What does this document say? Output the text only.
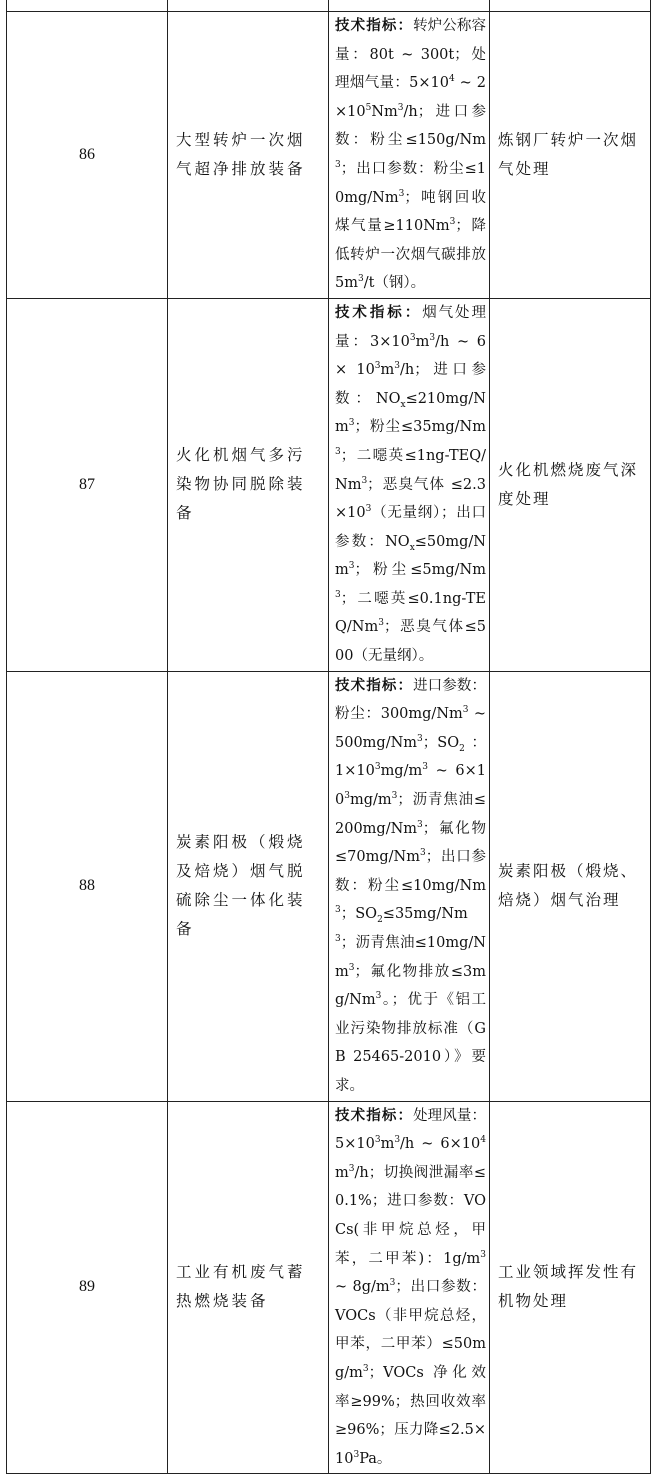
86	大型转炉一次烟气超净排放装备	技术指标：转炉公称容量：80t ~ 300t；处理烟气量：$5\times 10^4$ ~ $2\times 10^5Nm^3/h$；进口参数：粉尘$\le 150g/Nm^3$；出口参数：粉尘$\le 10mg/Nm^3$；吨钢回收煤气量$\ge 110Nm^3$；降低转炉一次烟气碳排放 $5m^3/t$（钢）。	炼钢厂转炉一次烟气处理
87	火化机烟气多污染物协同脱除装备	技术指标：烟气处理量：$3\times 10^3m^3/h$ ~ $6 \times 10^3m^3/h$；进口参数：$NO_x\le 210mg/Nm^3$；粉尘$\le 35mg/Nm^3$；二噁英$\le 1ng-TEQ/Nm^3$；恶臭气体 $\le 2.3\times 10^3$（无量纲）；出口参数：$NO_x\le 50mg/Nm^3$；粉尘$\le 5mg/Nm^3$；二噁英$\le 0.1ng-TEQ/Nm^3$；恶臭气体≤500（无量纲）。	火化机燃烧废气深度处理
88	炭素阳极（煅烧及焙烧）烟气脱硫除尘一体化装备	技术指标：进口参数：粉尘：300mg/Nm$^3$ ~ 500mg/Nm$^3$；$SO_2$：$1\times 10^3mg/m^3$ ~ $6\times 10^3mg/m^3$；沥青焦油$\le 200mg/Nm^3$；氟化物$\le 70mg/Nm^3$；出口参数：粉尘$\le 10mg/Nm^3$；$SO_2\le 35mg/Nm^3$；沥青焦油$\le 10mg/Nm^3$；氟化物排放$\le 3mg/Nm^3$。；优于《铝工业污染物排放标准（GB 25465-2010）》要求。	炭素阳极（煅烧、焙烧）烟气治理
89	工业有机废气蓄热燃烧装备	技术指标：处理风量：$5\times 10^3m^3/h$ ~ $6\times 10^4m^3/h$；切换阀泄漏率≤0.1%；进口参数：VOCs(非甲烷总烃，甲苯，二甲苯)：$1g/m^3$ ~ $8g/m^3$；出口参数：VOCs（非甲烷总烃，甲苯，二甲苯）$\le 50mg/m^3$；VOCs 净化效率≥99%；热回收效率≥96%；压力降$\le 2.5\times 10^3Pa$。	工业领域挥发性有机物处理
